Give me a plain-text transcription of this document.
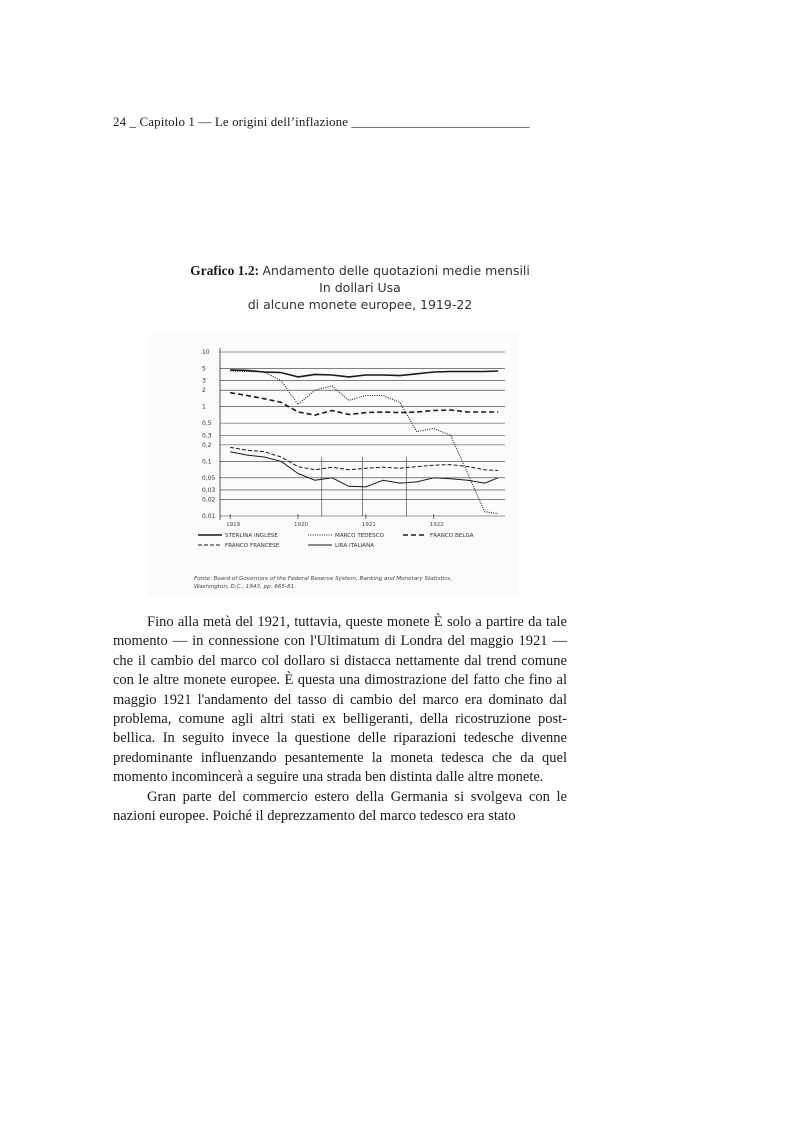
24 _ Capitolo 1 — Le origini dell’inflazione ___________________________
Grafico 1.2: Andamento delle quotazioni medie mensili
In dollari Usa
di alcune monete europee, 1919-22
10
5
3
2
1
0,5
0,3
0,2
0,1
0,05
0,03
0,02
0,01
1919	1920	1921	1922
STERLINA INGLESE	MARCO TEDESCO	FRANCO BELGA
FRANCO FRANCESE	LIRA ITALIANA
Fonte: Board of Governors of the Federal Reserve System, Banking and Monetary Statistics,
Washington, D.C., 1943, pp. 665-81.

Fino alla metà del 1921, tuttavia, queste monete È solo a partire da tale momento — in connessione con l'Ultimatum di Londra del maggio 1921 — che il cambio del marco col dollaro si distacca nettamente dal trend comune con le altre monete europee. È questa una dimostrazione del fatto che fino al maggio 1921 l'andamento del tasso di cambio del marco era dominato dal problema, comune agli altri stati ex belligeranti, della ricostruzione post-bellica. In seguito invece la questione delle riparazioni tedesche divenne predominante influenzando pesantemente la moneta tedesca che da quel momento incomincerà a seguire una strada ben distinta dalle altre monete.

Gran parte del commercio estero della Germania si svolgeva con le nazioni europee. Poiché il deprezzamento del marco tedesco era stato
